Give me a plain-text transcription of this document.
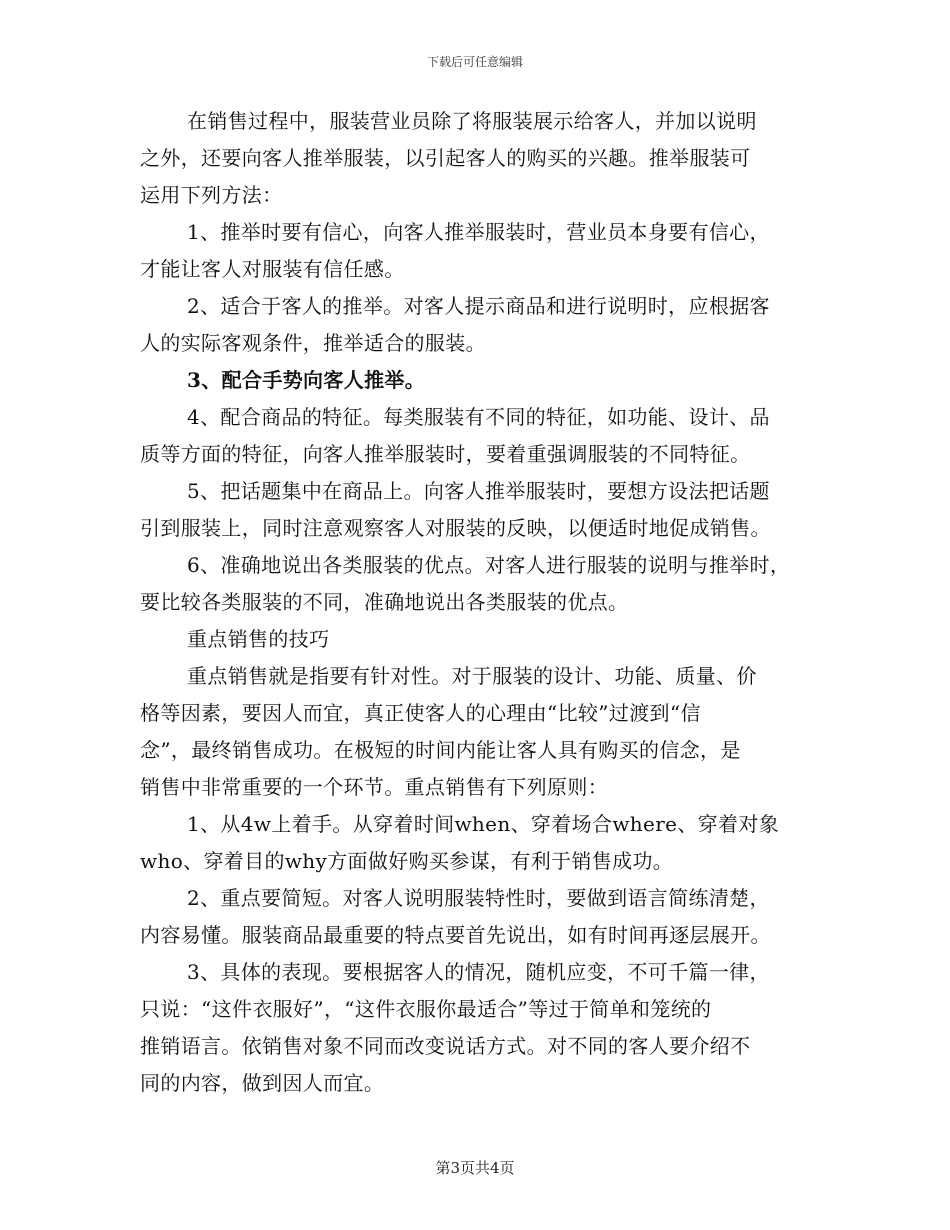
下载后可任意编辑
在销售过程中，服装营业员除了将服装展示给客人，并加以说明
之外，还要向客人推举服装，以引起客人的购买的兴趣。推举服装可
运用下列方法：
1、推举时要有信心，向客人推举服装时，营业员本身要有信心，
才能让客人对服装有信任感。
2、适合于客人的推举。对客人提示商品和进行说明时，应根据客
人的实际客观条件，推举适合的服装。
3、配合手势向客人推举。
4、配合商品的特征。每类服装有不同的特征，如功能、设计、品
质等方面的特征，向客人推举服装时，要着重强调服装的不同特征。
5、把话题集中在商品上。向客人推举服装时，要想方设法把话题
引到服装上，同时注意观察客人对服装的反映，以便适时地促成销售。
6、准确地说出各类服装的优点。对客人进行服装的说明与推举时，
要比较各类服装的不同，准确地说出各类服装的优点。
重点销售的技巧
重点销售就是指要有针对性。对于服装的设计、功能、质量、价
格等因素，要因人而宜，真正使客人的心理由“比较”过渡到“信
念”，最终销售成功。在极短的时间内能让客人具有购买的信念，是
销售中非常重要的一个环节。重点销售有下列原则：
1、从4w上着手。从穿着时间when、穿着场合where、穿着对象
who、穿着目的why方面做好购买参谋，有利于销售成功。
2、重点要简短。对客人说明服装特性时，要做到语言简练清楚，
内容易懂。服装商品最重要的特点要首先说出，如有时间再逐层展开。
3、具体的表现。要根据客人的情况，随机应变，不可千篇一律，
只说：“这件衣服好”，“这件衣服你最适合”等过于简单和笼统的
推销语言。依销售对象不同而改变说话方式。对不同的客人要介绍不
同的内容，做到因人而宜。
第3页共4页
